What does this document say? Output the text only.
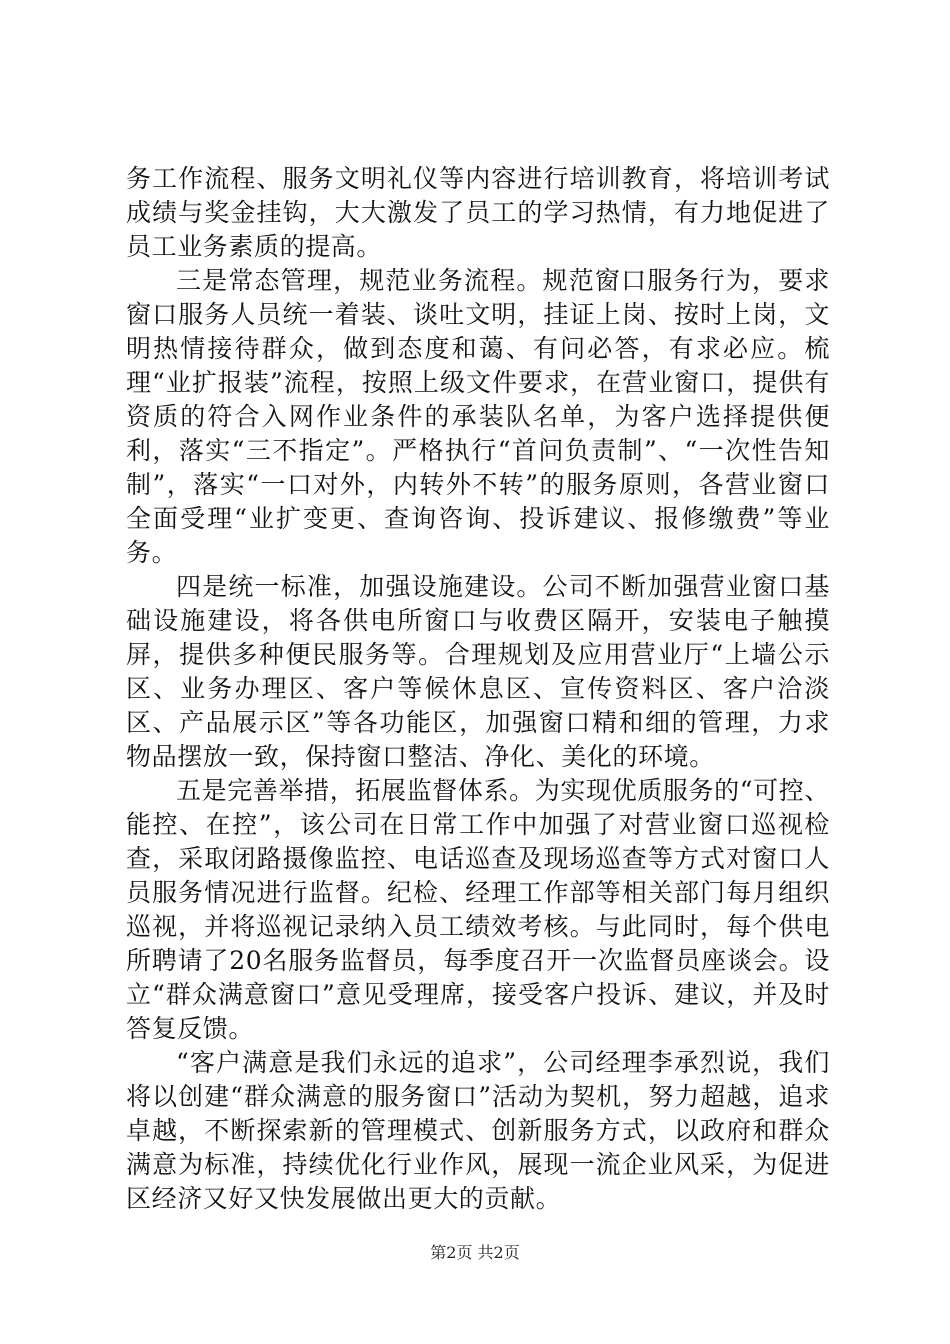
务工作流程、服务文明礼仪等内容进行培训教育，将培训考试成绩与奖金挂钩，大大激发了员工的学习热情，有力地促进了员工业务素质的提高。

三是常态管理，规范业务流程。规范窗口服务行为，要求窗口服务人员统一着装、谈吐文明，挂证上岗、按时上岗，文明热情接待群众，做到态度和蔼、有问必答，有求必应。梳理“业扩报装”流程，按照上级文件要求，在营业窗口，提供有资质的符合入网作业条件的承装队名单，为客户选择提供便利，落实“三不指定”。严格执行“首问负责制”、“一次性告知制”，落实“一口对外，内转外不转”的服务原则，各营业窗口全面受理“业扩变更、查询咨询、投诉建议、报修缴费”等业务。

四是统一标准，加强设施建设。公司不断加强营业窗口基础设施建设，将各供电所窗口与收费区隔开，安装电子触摸屏，提供多种便民服务等。合理规划及应用营业厅“上墙公示区、业务办理区、客户等候休息区、宣传资料区、客户洽淡区、产品展示区”等各功能区，加强窗口精和细的管理，力求物品摆放一致，保持窗口整洁、净化、美化的环境。

五是完善举措，拓展监督体系。为实现优质服务的“可控、能控、在控”，该公司在日常工作中加强了对营业窗口巡视检查，采取闭路摄像监控、电话巡查及现场巡查等方式对窗口人员服务情况进行监督。纪检、经理工作部等相关部门每月组织巡视，并将巡视记录纳入员工绩效考核。与此同时，每个供电所聘请了20名服务监督员，每季度召开一次监督员座谈会。设立“群众满意窗口”意见受理席，接受客户投诉、建议，并及时答复反馈。

“客户满意是我们永远的追求”，公司经理李承烈说，我们将以创建“群众满意的服务窗口”活动为契机，努力超越，追求卓越，不断探索新的管理模式、创新服务方式，以政府和群众满意为标准，持续优化行业作风，展现一流企业风采，为促进区经济又好又快发展做出更大的贡献。

第2页 共2页
